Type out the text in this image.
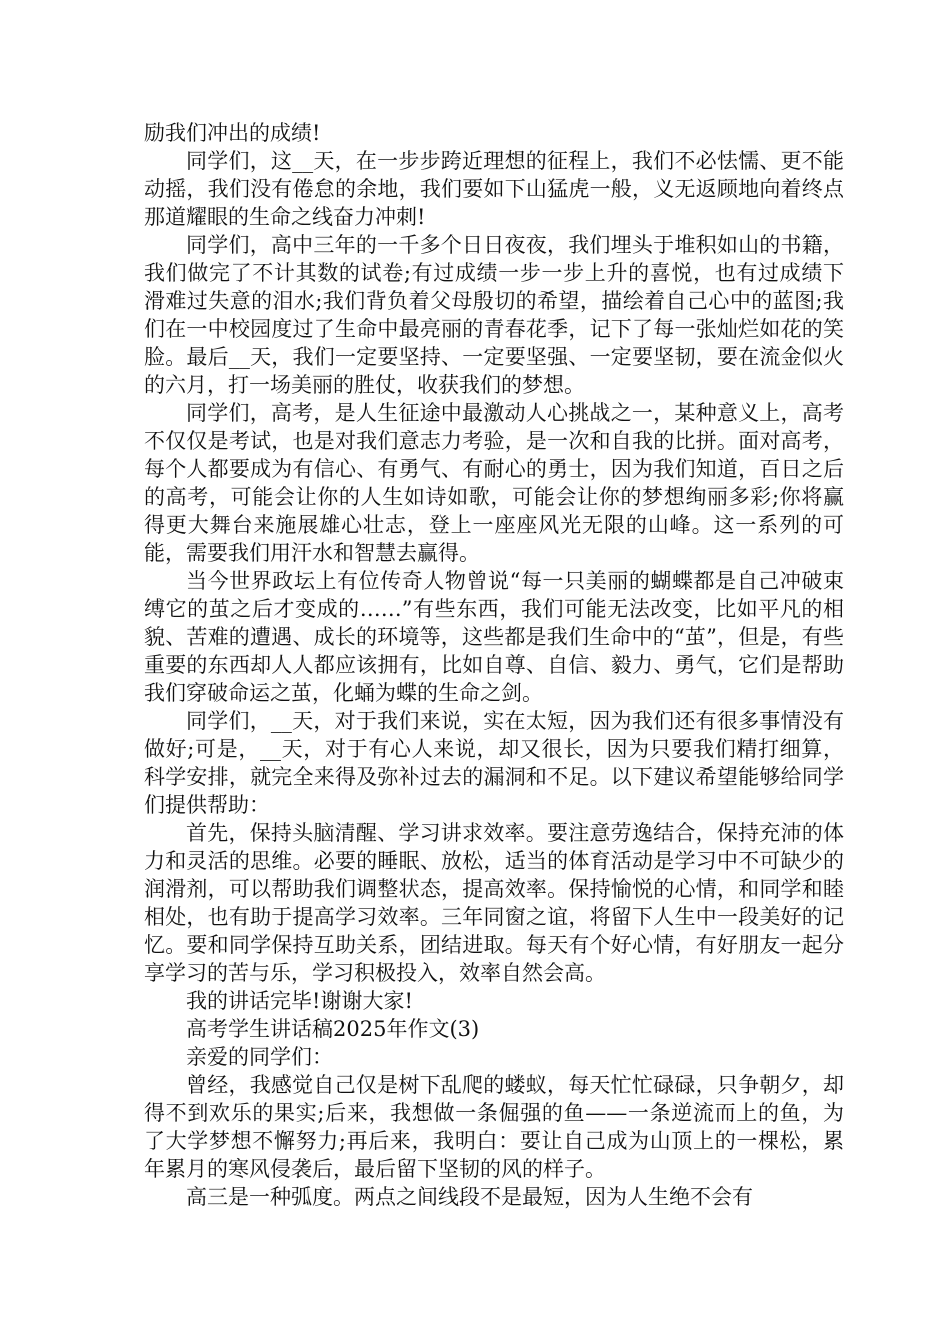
励我们冲出的成绩!

同学们，这__天，在一步步跨近理想的征程上，我们不必怯懦、更不能动摇，我们没有倦怠的余地，我们要如下山猛虎一般，义无返顾地向着终点那道耀眼的生命之线奋力冲刺!

同学们，高中三年的一千多个日日夜夜，我们埋头于堆积如山的书籍，我们做完了不计其数的试卷;有过成绩一步一步上升的喜悦，也有过成绩下滑难过失意的泪水;我们背负着父母殷切的希望，描绘着自己心中的蓝图;我们在一中校园度过了生命中最亮丽的青春花季，记下了每一张灿烂如花的笑脸。最后__天，我们一定要坚持、一定要坚强、一定要坚韧，要在流金似火的六月，打一场美丽的胜仗，收获我们的梦想。

同学们，高考，是人生征途中最激动人心挑战之一，某种意义上，高考不仅仅是考试，也是对我们意志力考验，是一次和自我的比拼。面对高考，每个人都要成为有信心、有勇气、有耐心的勇士，因为我们知道，百日之后的高考，可能会让你的人生如诗如歌，可能会让你的梦想绚丽多彩;你将赢得更大舞台来施展雄心壮志，登上一座座风光无限的山峰。这一系列的可能，需要我们用汗水和智慧去赢得。

当今世界政坛上有位传奇人物曾说“每一只美丽的蝴蝶都是自己冲破束缚它的茧之后才变成的……”有些东西，我们可能无法改变，比如平凡的相貌、苦难的遭遇、成长的环境等，这些都是我们生命中的“茧”，但是，有些重要的东西却人人都应该拥有，比如自尊、自信、毅力、勇气，它们是帮助我们穿破命运之茧，化蛹为蝶的生命之剑。

同学们，__天，对于我们来说，实在太短，因为我们还有很多事情没有做好;可是，__天，对于有心人来说，却又很长，因为只要我们精打细算，科学安排，就完全来得及弥补过去的漏洞和不足。以下建议希望能够给同学们提供帮助：

首先，保持头脑清醒、学习讲求效率。要注意劳逸结合，保持充沛的体力和灵活的思维。必要的睡眠、放松，适当的体育活动是学习中不可缺少的润滑剂，可以帮助我们调整状态，提高效率。保持愉悦的心情，和同学和睦相处，也有助于提高学习效率。三年同窗之谊，将留下人生中一段美好的记忆。要和同学保持互助关系，团结进取。每天有个好心情，有好朋友一起分享学习的苦与乐，学习积极投入，效率自然会高。

我的讲话完毕!谢谢大家!

高考学生讲话稿2025年作文(3)

亲爱的同学们：

曾经，我感觉自己仅是树下乱爬的蝼蚁，每天忙忙碌碌，只争朝夕，却得不到欢乐的果实;后来，我想做一条倔强的鱼——一条逆流而上的鱼，为了大学梦想不懈努力;再后来，我明白：要让自己成为山顶上的一棵松，累年累月的寒风侵袭后，最后留下坚韧的风的样子。

高三是一种弧度。两点之间线段不是最短，因为人生绝不会有
